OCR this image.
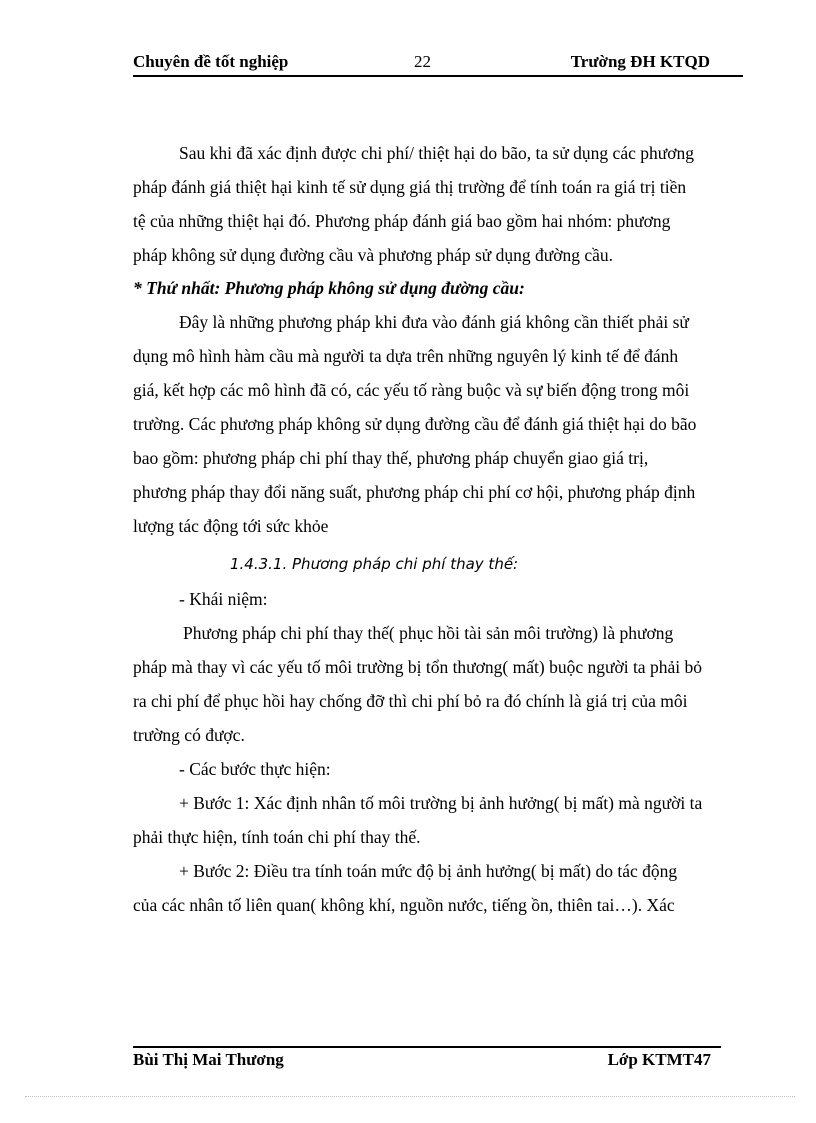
Chuyên đề tốt nghiệp	22	Trường ĐH KTQD
Sau khi đã xác định được chi phí/ thiệt hại do bão, ta sử dụng các phương
pháp đánh giá thiệt hại kinh tế sử dụng giá thị trường để tính toán ra giá trị tiền
tệ của những thiệt hại đó. Phương pháp đánh giá bao gồm hai nhóm: phương
pháp không sử dụng đường cầu và phương pháp sử dụng đường cầu.
* Thứ nhất: Phương pháp không sử dụng đường cầu:
Đây là những phương pháp khi đưa vào đánh giá không cần thiết phải sử
dụng mô hình hàm cầu mà người ta dựa trên những nguyên lý kinh tế để đánh
giá, kết hợp các mô hình đã có, các yếu tố ràng buộc và sự biến động trong môi
trường. Các phương pháp không sử dụng đường cầu để đánh giá thiệt hại do bão
bao gồm: phương pháp chi phí thay thế, phương pháp chuyển giao giá trị,
phương pháp thay đổi năng suất, phương pháp chi phí cơ hội, phương pháp định
lượng tác động tới sức khỏe
1.4.3.1. Phương pháp chi phí thay thế:
- Khái niệm:
Phương pháp chi phí thay thế( phục hồi tài sản môi trường) là phương
pháp mà thay vì các yếu tố môi trường bị tổn thương( mất) buộc người ta phải bỏ
ra chi phí để phục hồi hay chống đỡ thì chi phí bỏ ra đó chính là giá trị của môi
trường có được.
- Các bước thực hiện:
+ Bước 1: Xác định nhân tố môi trường bị ảnh hưởng( bị mất) mà người ta
phải thực hiện, tính toán chi phí thay thế.
+ Bước 2: Điều tra tính toán mức độ bị ảnh hưởng( bị mất) do tác động
của các nhân tố liên quan( không khí, nguồn nước, tiếng ồn, thiên tai…). Xác
Bùi Thị Mai Thương	Lớp KTMT47
